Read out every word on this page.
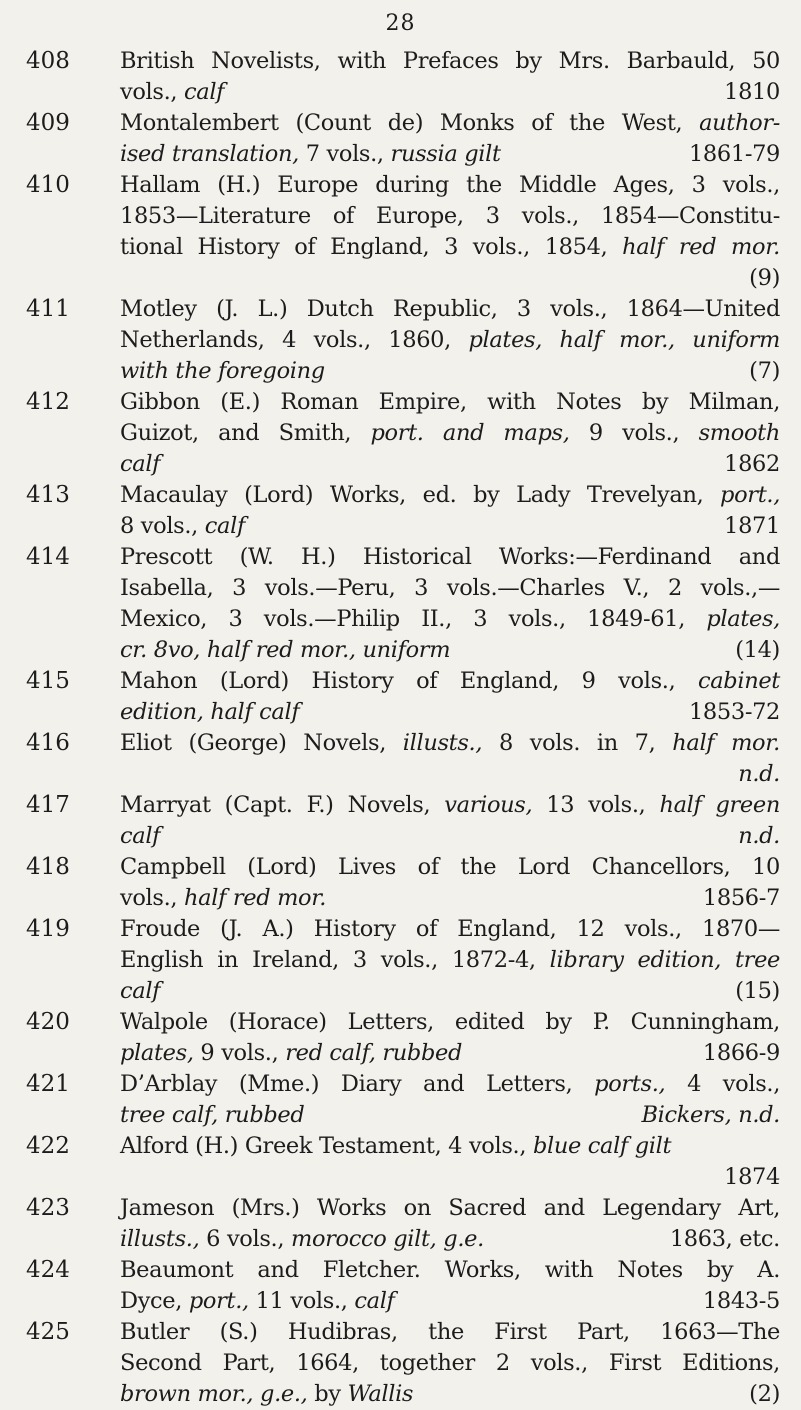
28
408	British Novelists, with Prefaces by Mrs. Barbauld, 50
vols., calf	1810
409	Montalembert (Count de) Monks of the West, author-
ised translation, 7 vols., russia gilt	1861-79
410	Hallam (H.) Europe during the Middle Ages, 3 vols.,
1853—Literature of Europe, 3 vols., 1854—Constitu-
tional History of England, 3 vols., 1854, half red mor.
(9)
411	Motley (J. L.) Dutch Republic, 3 vols., 1864—United
Netherlands, 4 vols., 1860, plates, half mor., uniform
with the foregoing	(7)
412	Gibbon (E.) Roman Empire, with Notes by Milman,
Guizot, and Smith, port. and maps, 9 vols., smooth
calf	1862
413	Macaulay (Lord) Works, ed. by Lady Trevelyan, port.,
8 vols., calf	1871
414	Prescott (W. H.) Historical Works:—Ferdinand and
Isabella, 3 vols.—Peru, 3 vols.—Charles V., 2 vols.,—
Mexico, 3 vols.—Philip II., 3 vols., 1849-61, plates,
cr. 8vo, half red mor., uniform	(14)
415	Mahon (Lord) History of England, 9 vols., cabinet
edition, half calf	1853-72
416	Eliot (George) Novels, illusts., 8 vols. in 7, half mor.
n.d.
417	Marryat (Capt. F.) Novels, various, 13 vols., half green
calf	n.d.
418	Campbell (Lord) Lives of the Lord Chancellors, 10
vols., half red mor.	1856-7
419	Froude (J. A.) History of England, 12 vols., 1870—
English in Ireland, 3 vols., 1872-4, library edition, tree
calf	(15)
420	Walpole (Horace) Letters, edited by P. Cunningham,
plates, 9 vols., red calf, rubbed	1866-9
421	D’Arblay (Mme.) Diary and Letters, ports., 4 vols.,
tree calf, rubbed	Bickers, n.d.
422	Alford (H.) Greek Testament, 4 vols., blue calf gilt
1874
423	Jameson (Mrs.) Works on Sacred and Legendary Art,
illusts., 6 vols., morocco gilt, g.e.	1863, etc.
424	Beaumont and Fletcher. Works, with Notes by A.
Dyce, port., 11 vols., calf	1843-5
425	Butler (S.) Hudibras, the First Part, 1663—The
Second Part, 1664, together 2 vols., First Editions,
brown mor., g.e., by Wallis	(2)
